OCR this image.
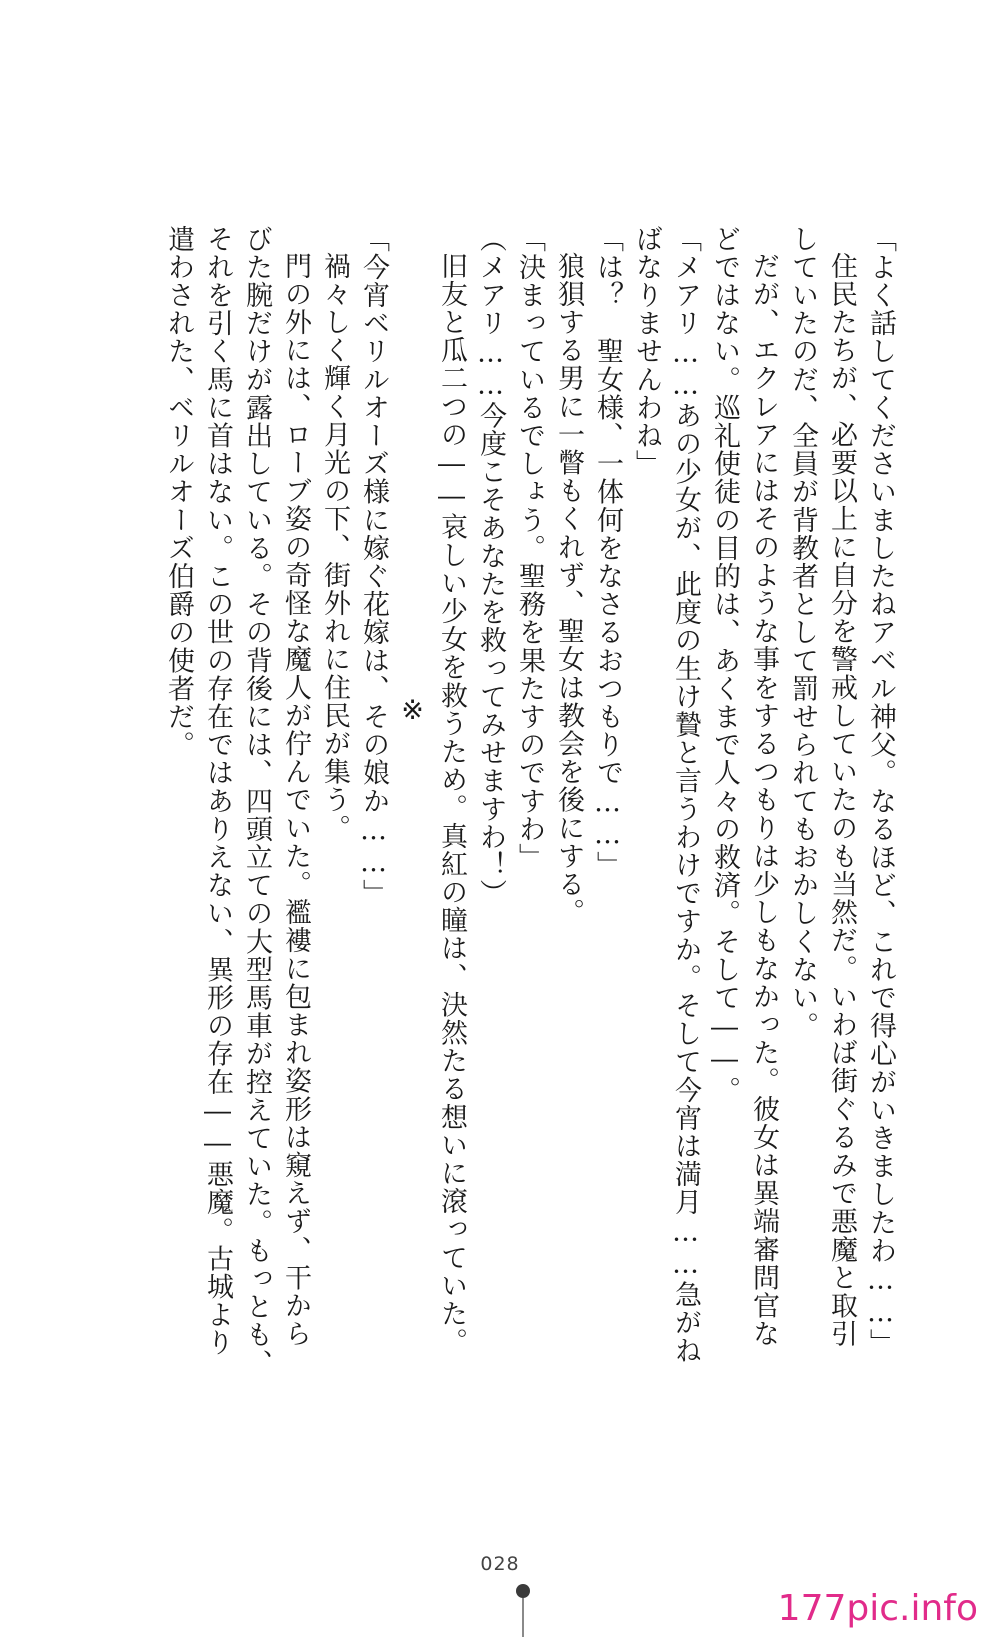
「よく話してくださいましたねアベル神父。なるほど、これで得心がいきましたわ……」
住民たちが、必要以上に自分を警戒していたのも当然だ。いわば街ぐるみで悪魔と取引
していたのだ、全員が背教者として罰せられてもおかしくない。
だが、エクレアにはそのような事をするつもりは少しもなかった。彼女は異端審問官な
どではない。巡礼使徒の目的は、あくまで人々の救済。そして――。
「メアリ……あの少女が、此度の生け贄と言うわけですか。そして今宵は満月……急がね
ばなりませんわね」
「は？　聖女様、一体何をなさるおつもりで……」
狼狽する男に一瞥もくれず、聖女は教会を後にする。
「決まっているでしょう。聖務を果たすのですわ」
（メアリ……今度こそあなたを救ってみせますわ！）
旧友と瓜二つの――哀しい少女を救うため。真紅の瞳は、決然たる想いに滾っていた。
※
「今宵ベリルオーズ様に嫁ぐ花嫁は、その娘か……」
禍々しく輝く月光の下、街外れに住民が集う。
門の外には、ローブ姿の奇怪な魔人が佇んでいた。襤褸に包まれ姿形は窺えず、干から
びた腕だけが露出している。その背後には、四頭立ての大型馬車が控えていた。もっとも、
それを引く馬に首はない。この世の存在ではありえない、異形の存在――悪魔。古城より
遣わされた、ベリルオーズ伯爵の使者だ。
028
177pic.info
